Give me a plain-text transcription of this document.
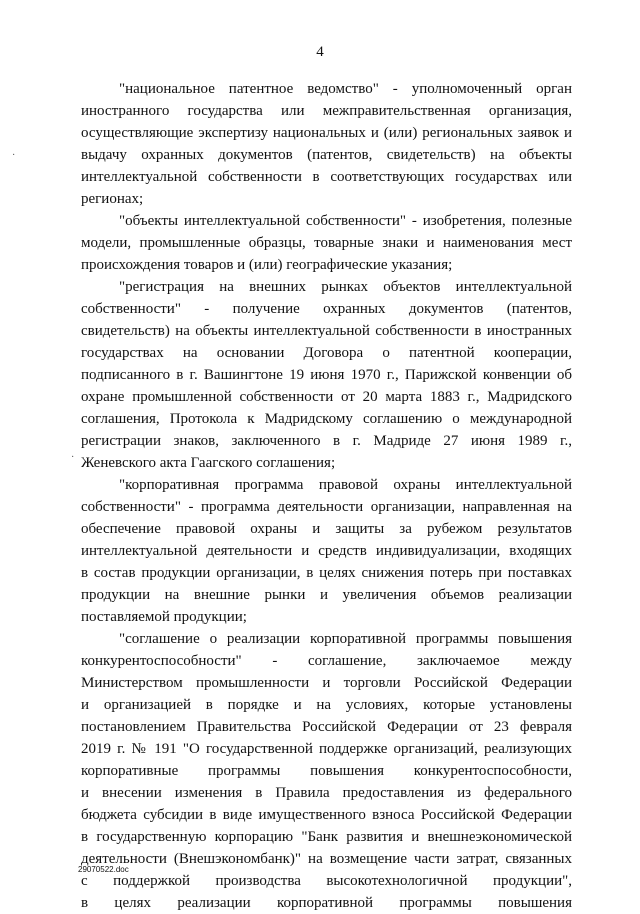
4

"национальное патентное ведомство" - уполномоченный орган
иностранного государства или межправительственная организация,
осуществляющие экспертизу национальных и (или) региональных заявок и
выдачу охранных документов (патентов, свидетельств) на объекты
интеллектуальной собственности в соответствующих государствах или
регионах;

"объекты интеллектуальной собственности" - изобретения, полезные
модели, промышленные образцы, товарные знаки и наименования мест
происхождения товаров и (или) географические указания;

"регистрация на внешних рынках объектов интеллектуальной
собственности" - получение охранных документов (патентов,
свидетельств) на объекты интеллектуальной собственности в иностранных
государствах на основании Договора о патентной кооперации,
подписанного в г. Вашингтоне 19 июня 1970 г., Парижской конвенции об
охране промышленной собственности от 20 марта 1883 г., Мадридского
соглашения, Протокола к Мадридскому соглашению о международной
регистрации знаков, заключенного в г. Мадриде 27 июня 1989 г.,
Женевского акта Гаагского соглашения;

"корпоративная программа правовой охраны интеллектуальной
собственности" - программа деятельности организации, направленная на
обеспечение правовой охраны и защиты за рубежом результатов
интеллектуальной деятельности и средств индивидуализации, входящих
в состав продукции организации, в целях снижения потерь при поставках
продукции на внешние рынки и увеличения объемов реализации
поставляемой продукции;

"соглашение о реализации корпоративной программы повышения
конкурентоспособности" - соглашение, заключаемое между
Министерством промышленности и торговли Российской Федерации
и организацией в порядке и на условиях, которые установлены
постановлением Правительства Российской Федерации от 23 февраля
2019 г. № 191 "О государственной поддержке организаций, реализующих
корпоративные программы повышения конкурентоспособности,
и внесении изменения в Правила предоставления из федерального
бюджета субсидии в виде имущественного взноса Российской Федерации
в государственную корпорацию "Банк развития и внешнеэкономической
деятельности (Внешэкономбанк)" на возмещение части затрат, связанных
с поддержкой производства высокотехнологичной продукции",
в целях реализации корпоративной программы повышения

·
·
29070522.doc
